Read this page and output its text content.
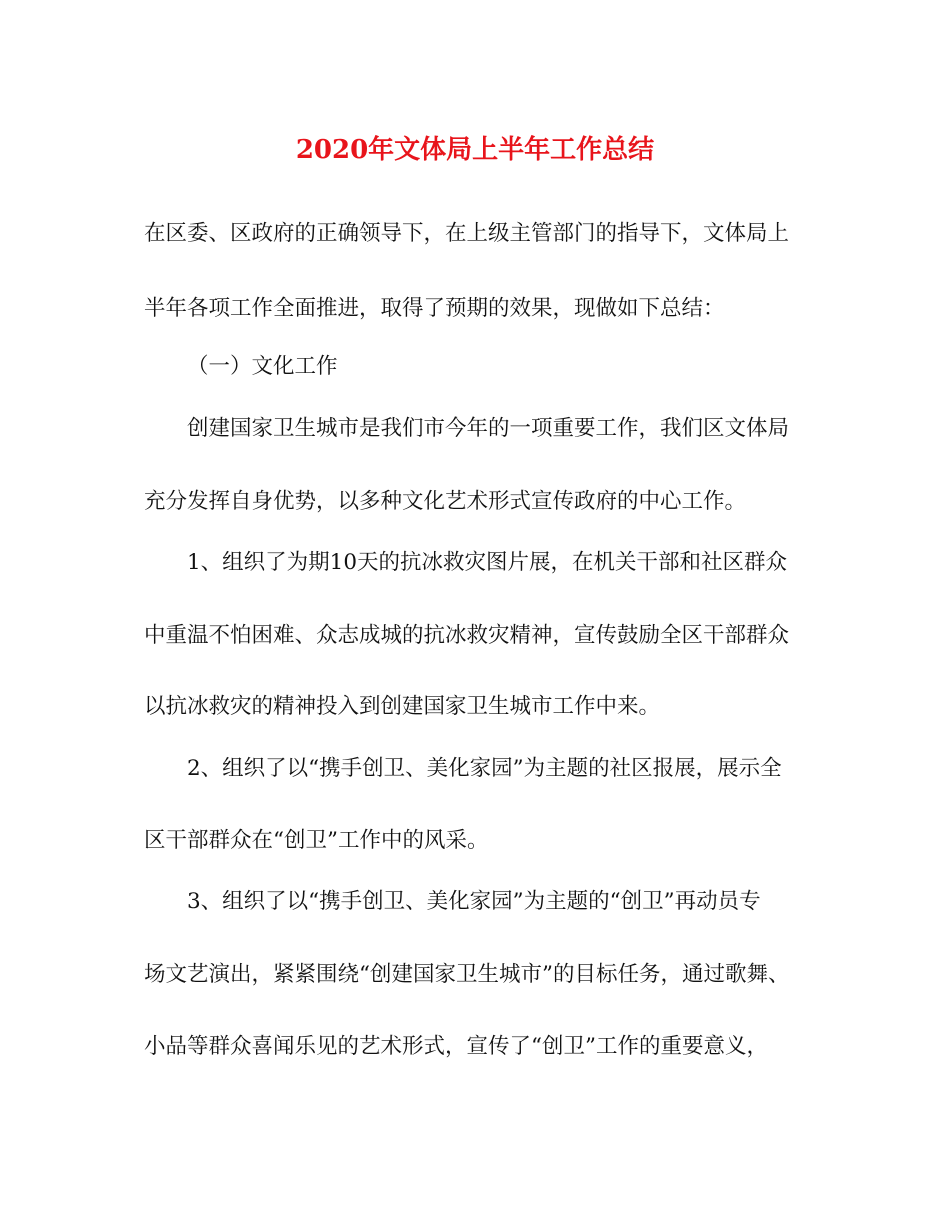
2020年文体局上半年工作总结
在区委、区政府的正确领导下，在上级主管部门的指导下，文体局上
半年各项工作全面推进，取得了预期的效果，现做如下总结：
（一）文化工作
创建国家卫生城市是我们市今年的一项重要工作，我们区文体局
充分发挥自身优势，以多种文化艺术形式宣传政府的中心工作。
1、组织了为期10天的抗冰救灾图片展，在机关干部和社区群众
中重温不怕困难、众志成城的抗冰救灾精神，宣传鼓励全区干部群众
以抗冰救灾的精神投入到创建国家卫生城市工作中来。
2、组织了以“携手创卫、美化家园”为主题的社区报展，展示全
区干部群众在“创卫”工作中的风采。
3、组织了以“携手创卫、美化家园”为主题的“创卫”再动员专
场文艺演出，紧紧围绕“创建国家卫生城市”的目标任务，通过歌舞、
小品等群众喜闻乐见的艺术形式，宣传了“创卫”工作的重要意义，
